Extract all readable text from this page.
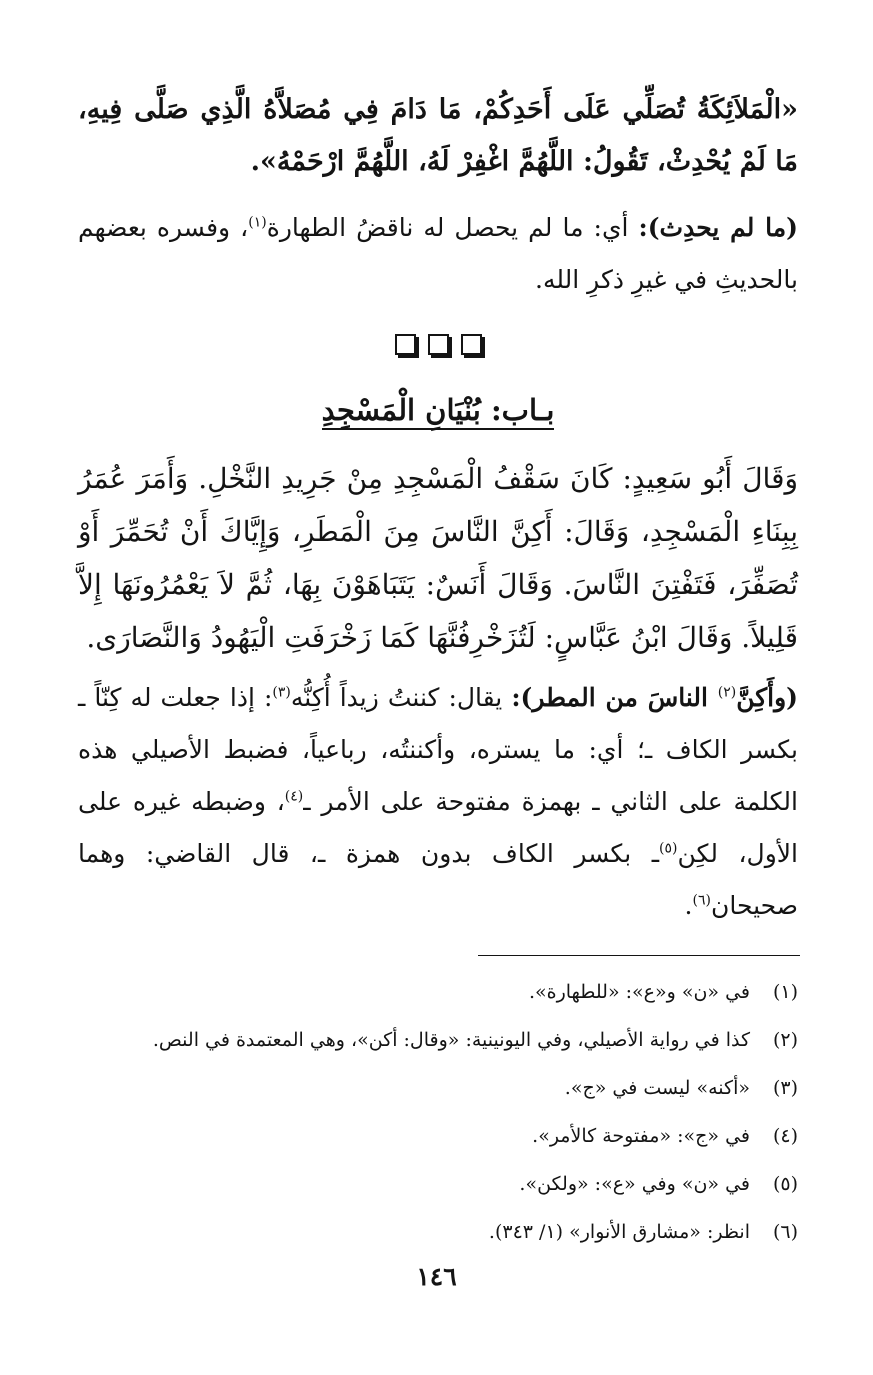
«الْمَلاَئِكَةُ تُصَلِّي عَلَى أَحَدِكُمْ، مَا دَامَ فِي مُصَلاَّهُ الَّذِي صَلَّى فِيهِ، مَا لَمْ يُحْدِثْ، تَقُولُ: اللَّهُمَّ اغْفِرْ لَهُ، اللَّهُمَّ ارْحَمْهُ».

(ما لم يحدِث): أي: ما لم يحصل له ناقضُ الطهارة$^{(١)}$، وفسره بعضهم بالحديثِ في غيرِ ذكرِ الله.

بـاب: بُنْيَانِ الْمَسْجِدِ

وَقَالَ أَبُو سَعِيدٍ: كَانَ سَقْفُ الْمَسْجِدِ مِنْ جَرِيدِ النَّخْلِ. وَأَمَرَ عُمَرُ بِبِنَاءِ الْمَسْجِدِ، وَقَالَ: أَكِنَّ النَّاسَ مِنَ الْمَطَرِ، وَإِيَّاكَ أَنْ تُحَمِّرَ أَوْ تُصَفِّرَ، فَتَفْتِنَ النَّاسَ. وَقَالَ أَنَسٌ: يَتَبَاهَوْنَ بِهَا، ثُمَّ لاَ يَعْمُرُونَهَا إِلاَّ قَلِيلاً. وَقَالَ ابْنُ عَبَّاسٍ: لَتُزَخْرِفُنَّهَا كَمَا زَخْرَفَتِ الْيَهُودُ وَالنَّصَارَى.

(وأَكِنَّ$^{(٢)}$ الناسَ من المطر): يقال: كننتُ زيداً أُكِنُّه$^{(٣)}$: إذا جعلت له كِنّاً ـ بكسر الكاف ـ؛ أي: ما يستره، وأكننتُه، رباعياً، فضبط الأصيلي هذه الكلمة على الثاني ـ بهمزة مفتوحة على الأمر ـ$^{(٤)}$، وضبطه غيره على الأول، لكِن$^{(٥)}$ـ بكسر الكاف بدون همزة ـ، قال القاضي: وهما صحيحان$^{(٦)}$.

(١)
في «ن» و«ع»: «للطهارة».
(٢)
كذا في رواية الأصيلي، وفي اليونينية: «وقال: أكن»، وهي المعتمدة في النص.
(٣)
«أكنه» ليست في «ج».
(٤)
في «ج»: «مفتوحة كالأمر».
(٥)
في «ن» وفي «ع»: «ولكن».
(٦)
انظر: «مشارق الأنوار» (١/ ٣٤٣).
١٤٦
